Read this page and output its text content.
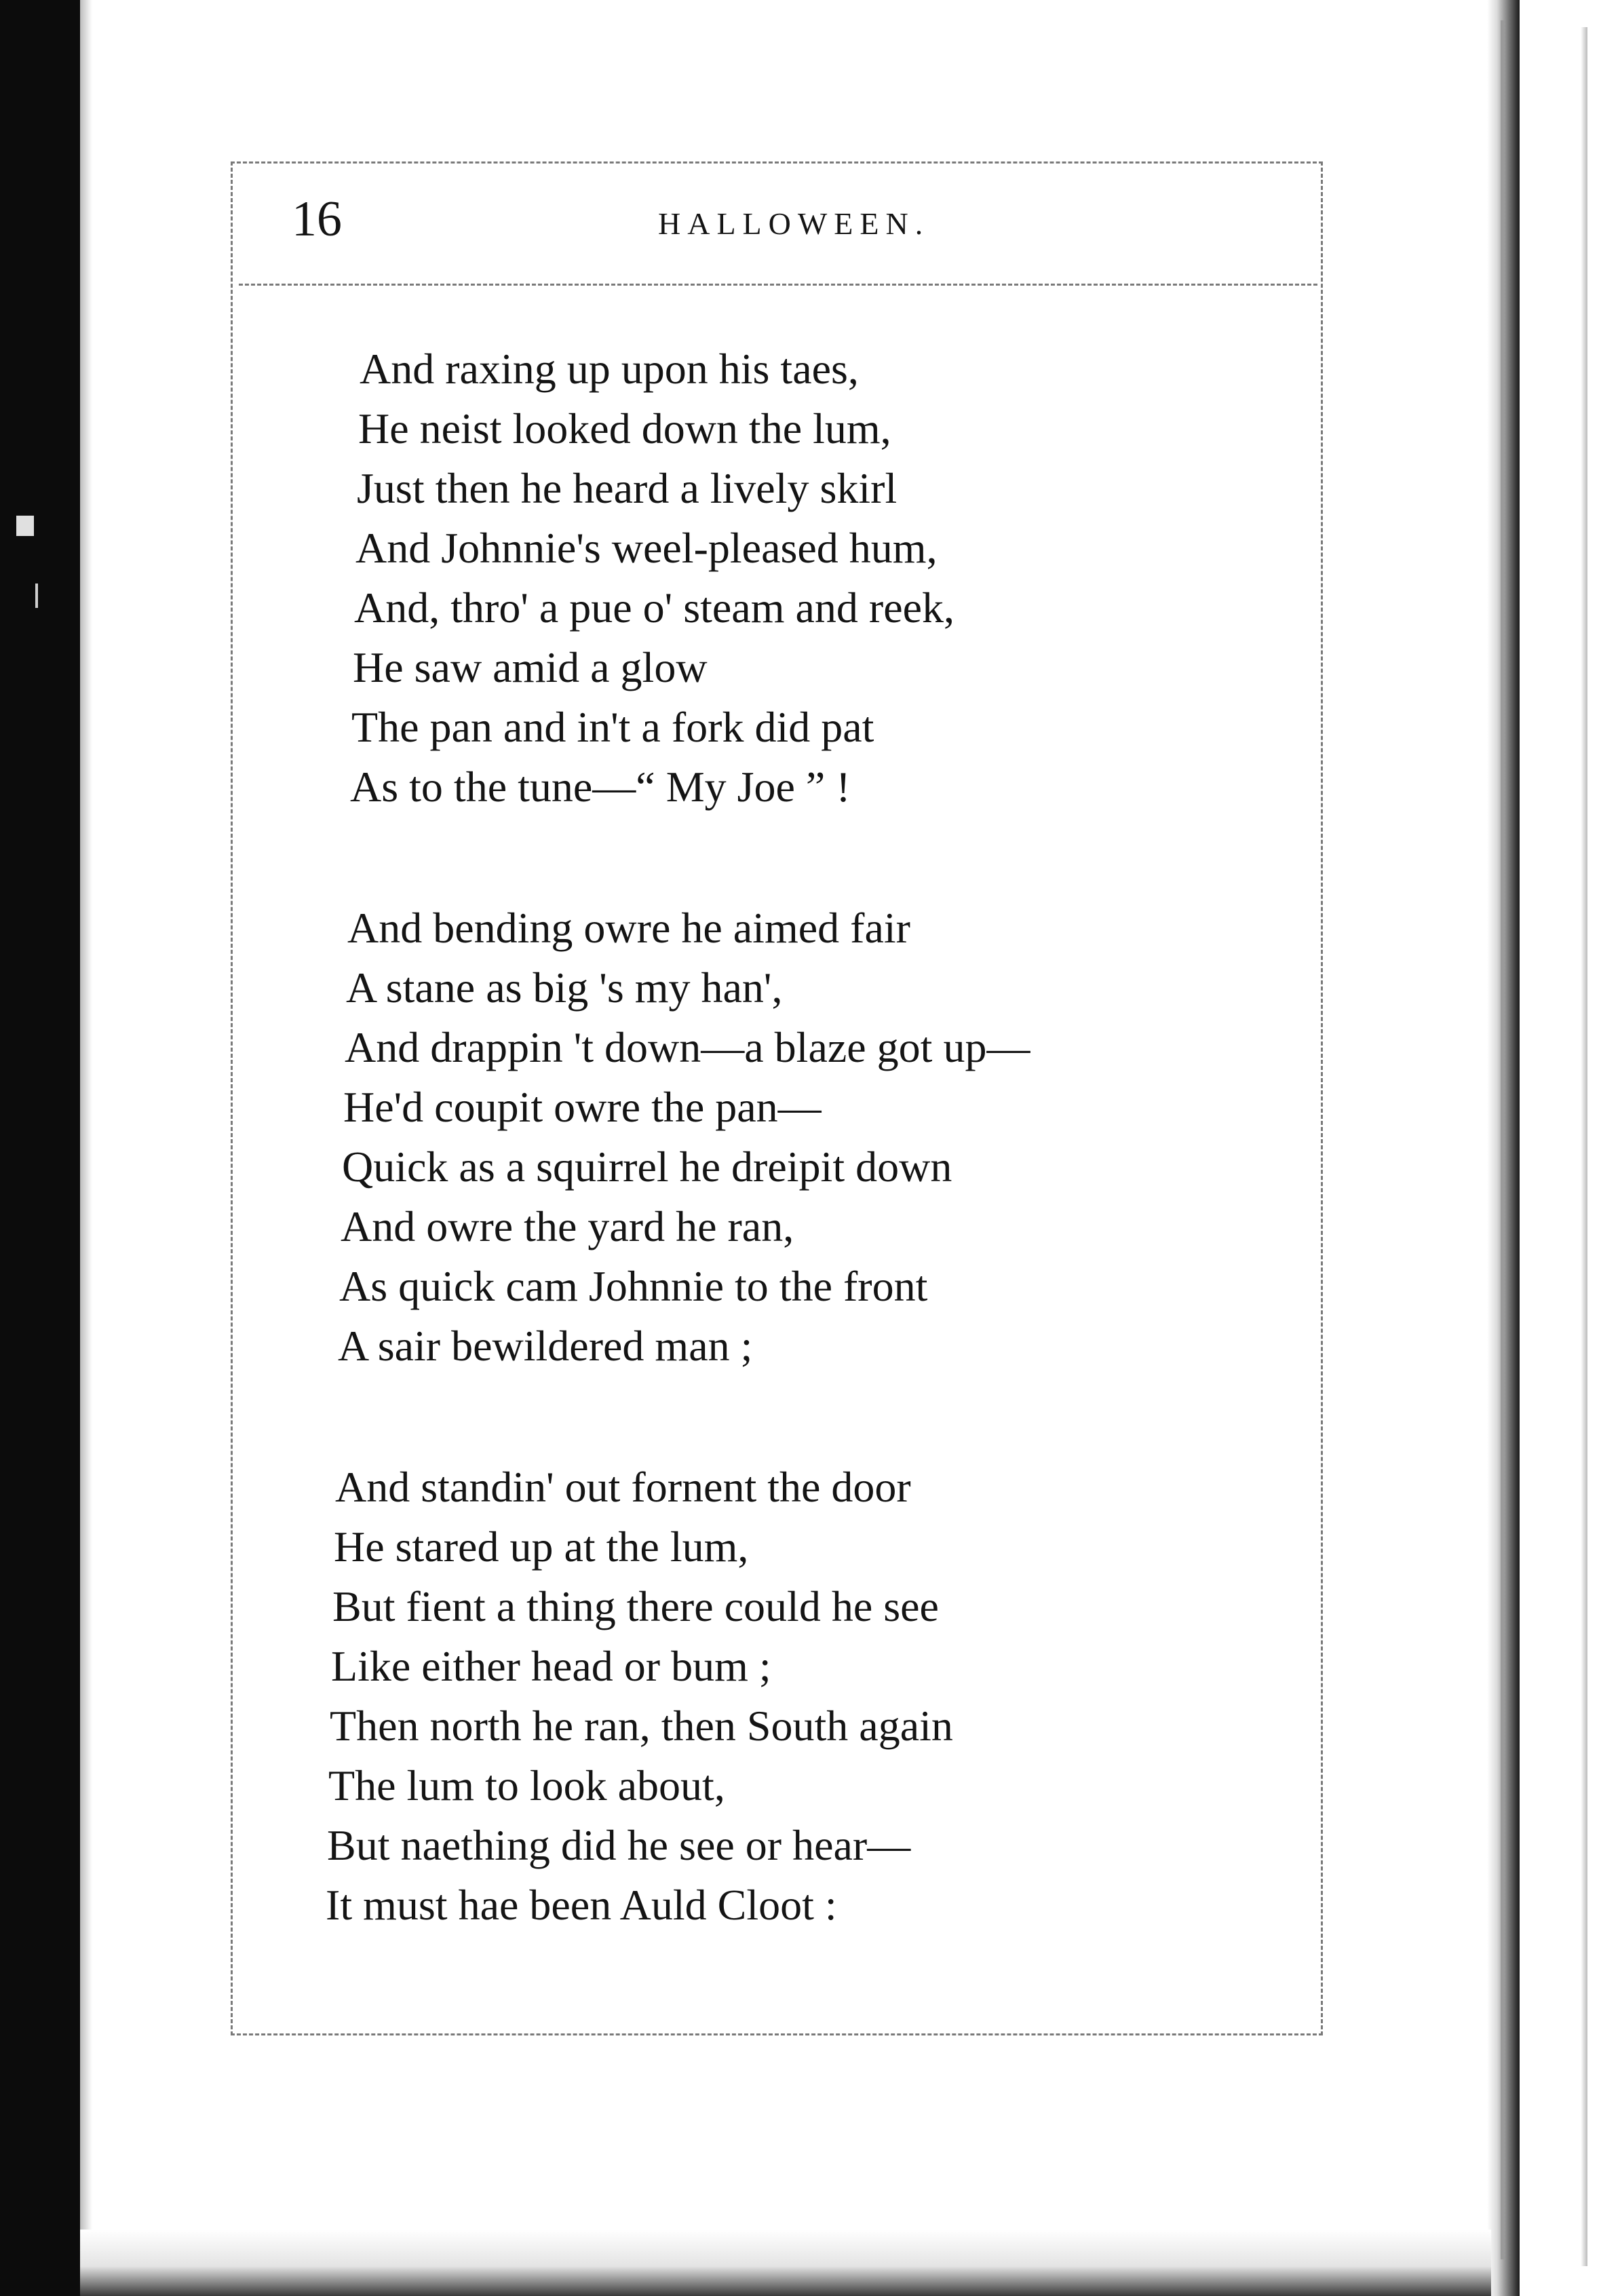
16	HALLOWEEN.
And raxing up upon his taes,
He neist looked down the lum,
Just then he heard a lively skirl
And Johnnie's weel-pleased hum,
And, thro' a pue o' steam and reek,
He saw amid a glow
The pan and in't a fork did pat
As to the tune—“ My Joe ” !
And bending owre he aimed fair
A stane as big 's my han',
And drappin 't down—a blaze got up—
He'd coupit owre the pan—
Quick as a squirrel he dreipit down
And owre the yard he ran,
As quick cam Johnnie to the front
A sair bewildered man ;
And standin' out fornent the door
He stared up at the lum,
But fient a thing there could he see
Like either head or bum ;
Then north he ran, then South again
The lum to look about,
But naething did he see or hear—
It must hae been Auld Cloot :
